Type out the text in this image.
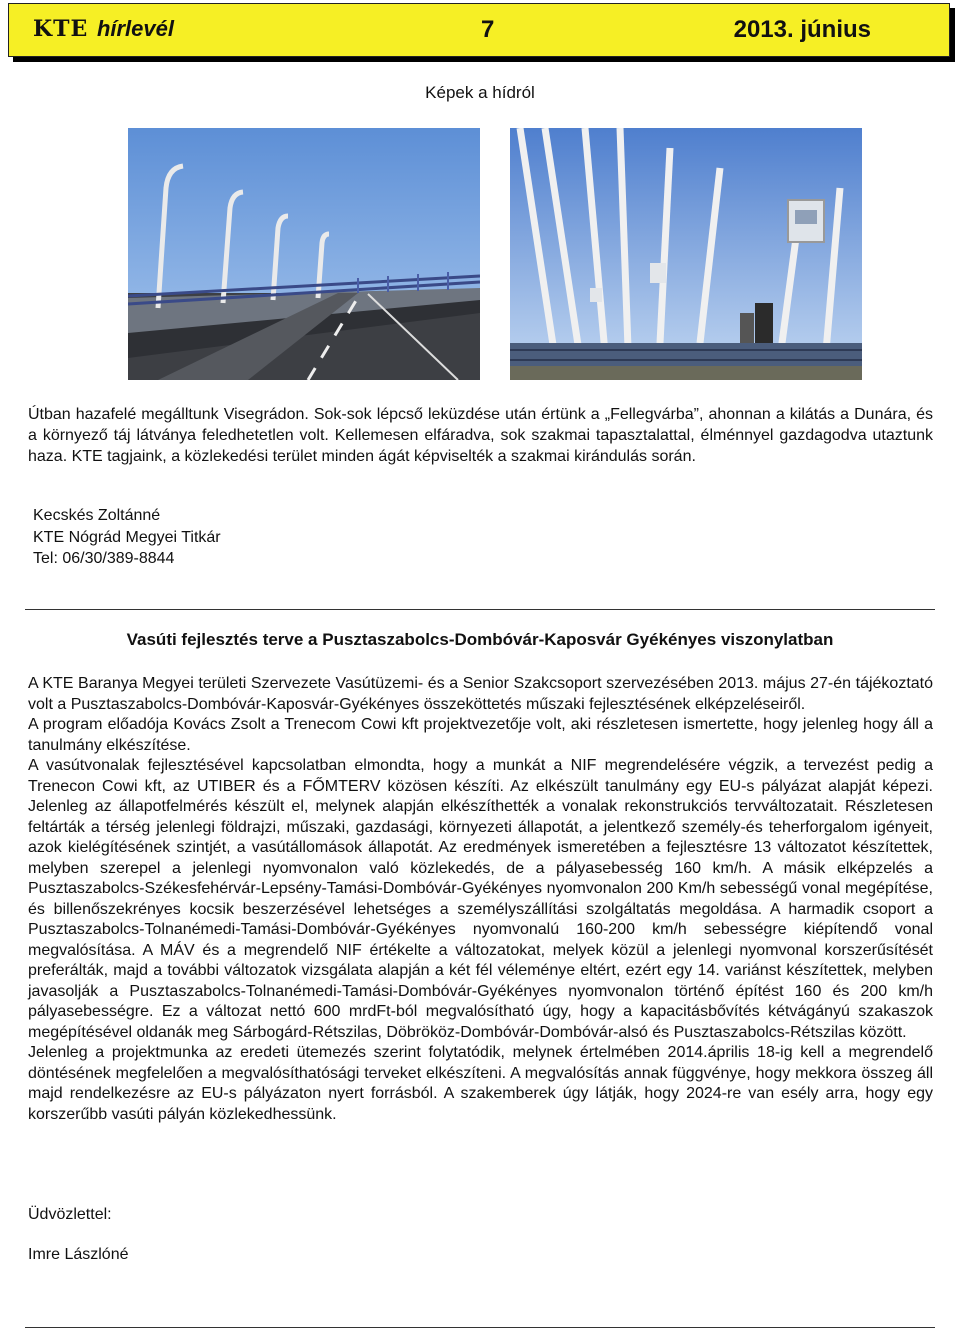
KTE hírlevél	7	2013. június
Képek a hídról

Útban hazafelé megálltunk Visegrádon. Sok-sok lépcső leküzdése után értünk a „Fellegvárba”, ahonnan a kilátás a Dunára, és a környező táj látványa feledhetetlen volt. Kellemesen elfáradva, sok szakmai tapasztalattal, élménnyel gazdagodva utaztunk haza. KTE tagjaink, a közlekedési terület minden ágát képviselték a szakmai kirándulás során.

Kecskés Zoltánné
KTE Nógrád Megyei Titkár
Tel: 06/30/389-8844
Vasúti fejlesztés terve a Pusztaszabolcs-Dombóvár-Kaposvár Gyékényes viszonylatban

A KTE Baranya Megyei területi Szervezete Vasútüzemi- és a Senior Szakcsoport szervezésében 2013. május 27-én tájékoztató volt a Pusztaszabolcs-Dombóvár-Kaposvár-Gyékényes összeköttetés műszaki fejlesztésének elképzeléseiről.

A program előadója Kovács Zsolt a Trenecom Cowi kft projektvezetője volt, aki részletesen ismertette, hogy jelenleg hogy áll a tanulmány elkészítése.

A vasútvonalak fejlesztésével kapcsolatban elmondta, hogy a munkát a NIF megrendelésére végzik, a tervezést pedig a Trenecon Cowi kft, az UTIBER és a FŐMTERV közösen készíti. Az elkészült tanulmány egy EU-s pályázat alapját képezi. Jelenleg az állapotfelmérés készült el, melynek alapján elkészíthették a vonalak rekonstrukciós tervváltozatait. Részletesen feltárták a térség jelenlegi földrajzi, műszaki, gazdasági, környezeti állapotát, a jelentkező személy-és teherforgalom igényeit, azok kielégítésének szintjét, a vasútállomások állapotát. Az eredmények ismeretében a fejlesztésre 13 változatot készítettek, melyben szerepel a jelenlegi nyomvonalon való közlekedés, de a pályasebesség 160 km/h. A másik elképzelés a Pusztaszabolcs-Székesfehérvár-Lepsény-Tamási-Dombóvár-Gyékényes nyomvonalon 200 Km/h sebességű vonal megépítése, és billenőszekrényes kocsik beszerzésével lehetséges a személyszállítási szolgáltatás megoldása. A harmadik csoport a Pusztaszabolcs-Tolnanémedi-Tamási-Dombóvár-Gyékényes nyomvonalú 160-200 km/h sebességre kiépítendő vonal megvalósítása. A MÁV és a megrendelő NIF értékelte a változatokat, melyek közül a jelenlegi nyomvonal korszerűsítését preferálták, majd a további változatok vizsgálata alapján a két fél véleménye eltért, ezért egy 14. variánst készítettek, melyben javasolják a Pusztaszabolcs-Tolnanémedi-Tamási-Dombóvár-Gyékényes nyomvonalon történő építést 160 és 200 km/h pályasebességre. Ez a változat nettó 600 mrdFt-ból megvalósítható úgy, hogy a kapacitásbővítés kétvágányú szakaszok megépítésével oldanák meg Sárbogárd-Rétszilas, Döbrököz-Dombóvár-Dombóvár-alsó és Pusztaszabolcs-Rétszilas között.

Jelenleg a projektmunka az eredeti ütemezés szerint folytatódik, melynek értelmében 2014.április 18-ig kell a megrendelő döntésének megfelelően a megvalósíthatósági terveket elkészíteni. A megvalósítás annak függvénye, hogy mekkora összeg áll majd rendelkezésre az EU-s pályázaton nyert forrásból. A szakemberek úgy látják, hogy 2024-re van esély arra, hogy egy korszerűbb vasúti pályán közlekedhessünk.

Üdvözlettel:
Imre Lászlóné
